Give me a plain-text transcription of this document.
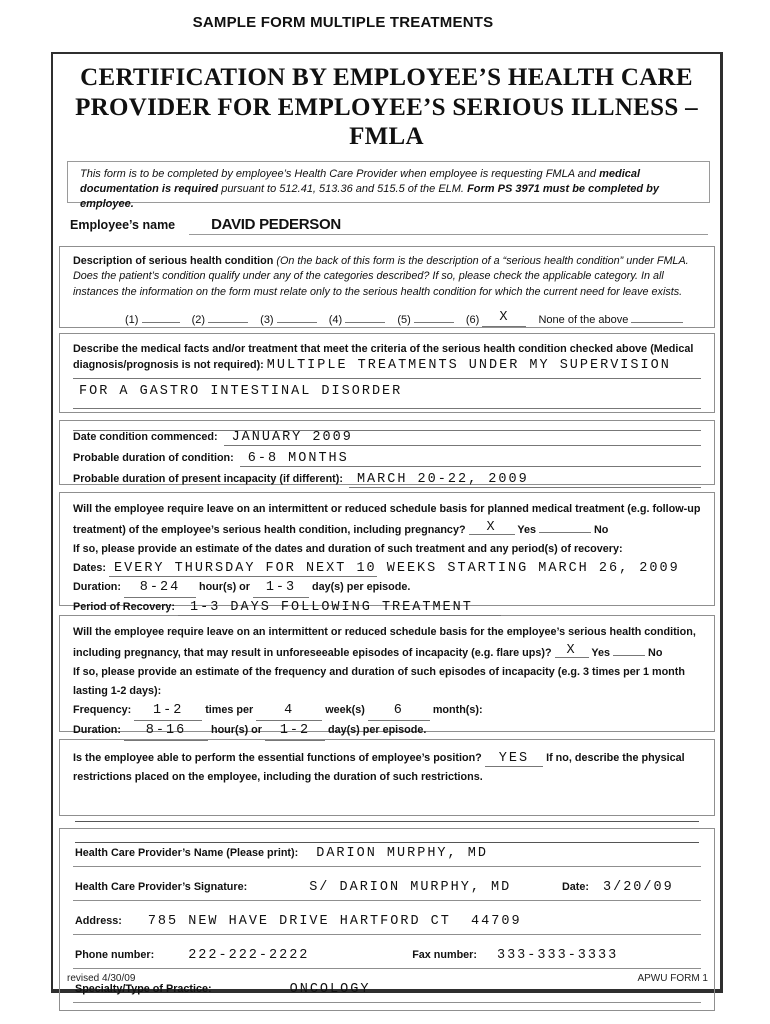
SAMPLE FORM MULTIPLE TREATMENTS
CERTIFICATION BY EMPLOYEE’S HEALTH CARE
PROVIDER FOR EMPLOYEE’S SERIOUS ILLNESS – FMLA
This form is to be completed by employee’s Health Care Provider when employee is requesting FMLA and medical documentation is required pursuant to 512.41, 513.36 and 515.5 of the ELM. Form PS 3971 must be completed by employee.
Employee’s name	DAVID PEDERSON
Description of serious health condition (On the back of this form is the description of a “serious health condition” under FMLA. Does the patient’s condition qualify under any of the categories described? If so, please check the applicable category. In all instances the information on the form must relate only to the serious health condition for which the current need for leave exists.
(1)	(2)	(3)	(4)	(5)	(6) X	None of the above
Describe the medical facts and/or treatment that meet the criteria of the serious health condition checked above (Medical diagnosis/prognosis is not required): MULTIPLE TREATMENTS UNDER MY SUPERVISION
FOR A GASTRO INTESTINAL DISORDER
Date condition commenced:	JANUARY 2009
Probable duration of condition:	6-8 MONTHS
Probable duration of present incapacity (if different):	MARCH 20-22, 2009
Will the employee require leave on an intermittent or reduced schedule basis for planned medical treatment (e.g. follow-up treatment) of the employee’s serious health condition, including pregnancy? X Yes	No
If so, please provide an estimate of the dates and duration of such treatment and any period(s) of recovery:
Dates: EVERY THURSDAY FOR NEXT 10 WEEKS STARTING MARCH 26, 2009
Duration: 8-24 hour(s) or 1-3 day(s) per episode.
Period of Recovery: 1-3 DAYS FOLLOWING TREATMENT
Will the employee require leave on an intermittent or reduced schedule basis for the employee’s serious health condition, including pregnancy, that may result in unforeseeable episodes of incapacity (e.g. flare ups)? X Yes	No
If so, please provide an estimate of the frequency and duration of such episodes of incapacity (e.g. 3 times per 1 month lasting 1-2 days):
Frequency: 1-2 times per 4	week(s) 6	month(s):
Duration: 8-16 hour(s) or 1-2 day(s) per episode.
Is the employee able to perform the essential functions of employee’s position? YES If no, describe the physical restrictions placed on the employee, including the duration of such restrictions.
Health Care Provider’s Name (Please print): DARION MURPHY, MD
Health Care Provider’s Signature:	S/ DARION MURPHY, MD	Date: 3/20/09
Address: 785 NEW HAVE DRIVE HARTFORD CT  44709
Phone number:	222-222-2222	Fax number: 333-333-3333
Specialty/Type of Practice:	ONCOLOGY
revised 4/30/09	APWU FORM 1
